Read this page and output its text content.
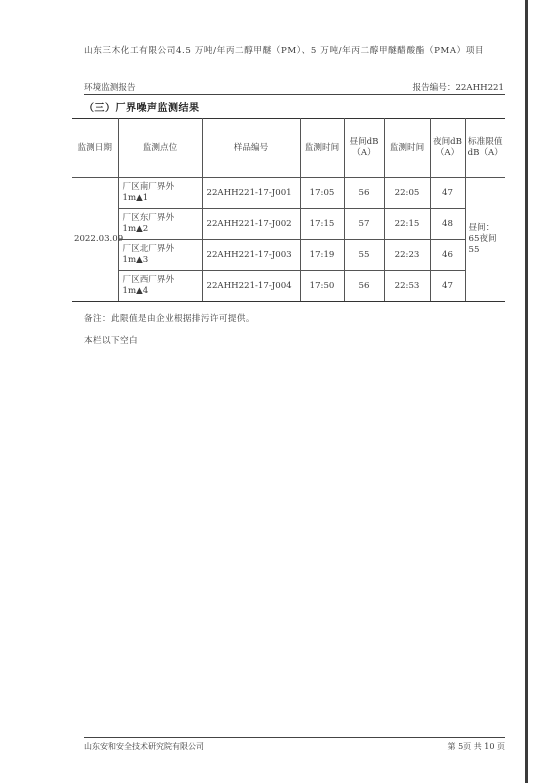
山东三木化工有限公司4.5 万吨/年丙二醇甲醚（PM）、5 万吨/年丙二醇甲醚醋酸酯（PMA）项目
环境监测报告	报告编号：22AHH221
（三）厂界噪声监测结果
监测日期	监测点位	样品编号	监测时间	昼间dB（A）	监测时间	夜间dB（A）	标准限值dB（A）
2022.03.09	厂区南厂界外1m▲1	22AHH221-17-J001	17:05	56	22:05	47	昼间：65夜间55
	厂区东厂界外1m▲2	22AHH221-17-J002	17:15	57	22:15	48	
	厂区北厂界外1m▲3	22AHH221-17-J003	17:19	55	22:23	46	
	厂区西厂界外1m▲4	22AHH221-17-J004	17:50	56	22:53	47	
备注：此限值是由企业根据排污许可提供。
本栏以下空白
山东安和安全技术研究院有限公司	第 5页 共 10 页
